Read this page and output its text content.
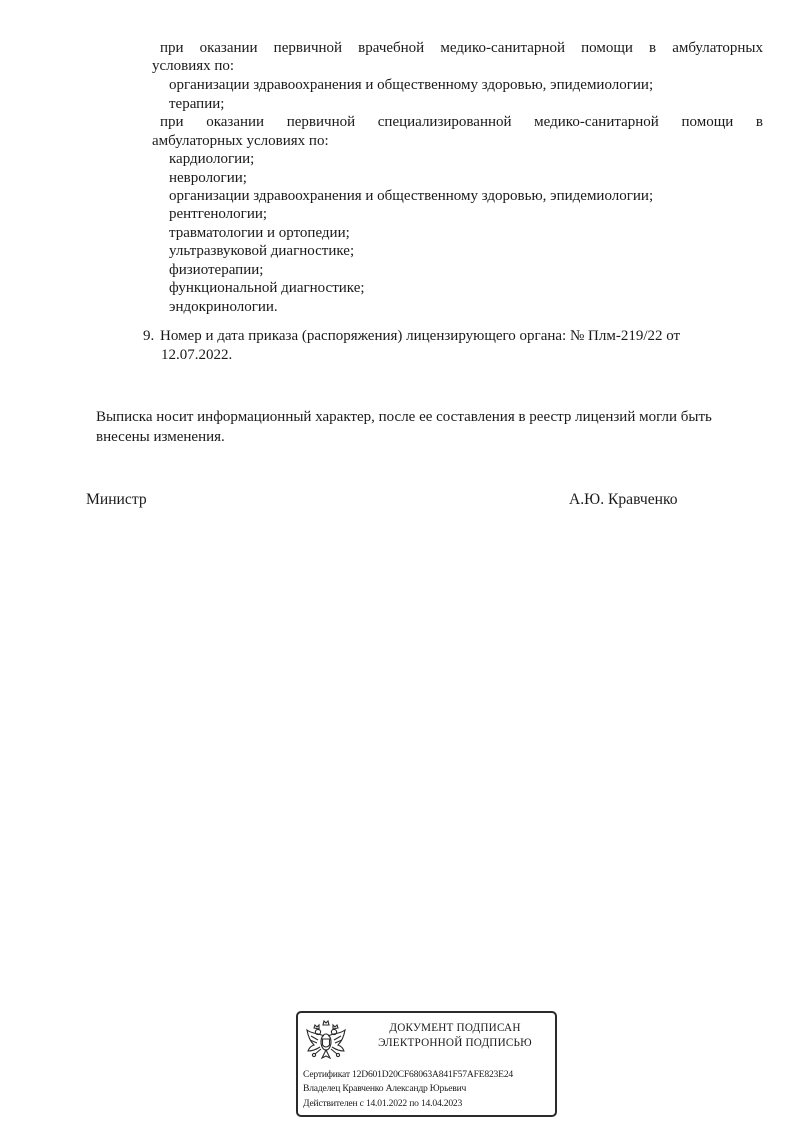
при оказании первичной врачебной медико-санитарной помощи в амбулаторных
условиях по:
организации здравоохранения и общественному здоровью, эпидемиологии;
терапии;
при оказании первичной специализированной медико-санитарной помощи в
амбулаторных условиях по:
кардиологии;
неврологии;
организации здравоохранения и общественному здоровью, эпидемиологии;
рентгенологии;
травматологии и ортопедии;
ультразвуковой диагностике;
физиотерапии;
функциональной диагностике;
эндокринологии.
9. Номер и дата приказа (распоряжения) лицензирующего органа: № Плм-219/22 от
12.07.2022.
Выписка носит информационный характер, после ее составления в реестр лицензий могли быть
внесены изменения.
Министр	А.Ю. Кравченко
ДОКУМЕНТ ПОДПИСАН
ЭЛЕКТРОННОЙ ПОДПИСЬЮ
Сертификат 12D601D20CF68063A841F57AFE823E24
Владелец Кравченко Александр Юрьевич
Действителен с 14.01.2022 по 14.04.2023
